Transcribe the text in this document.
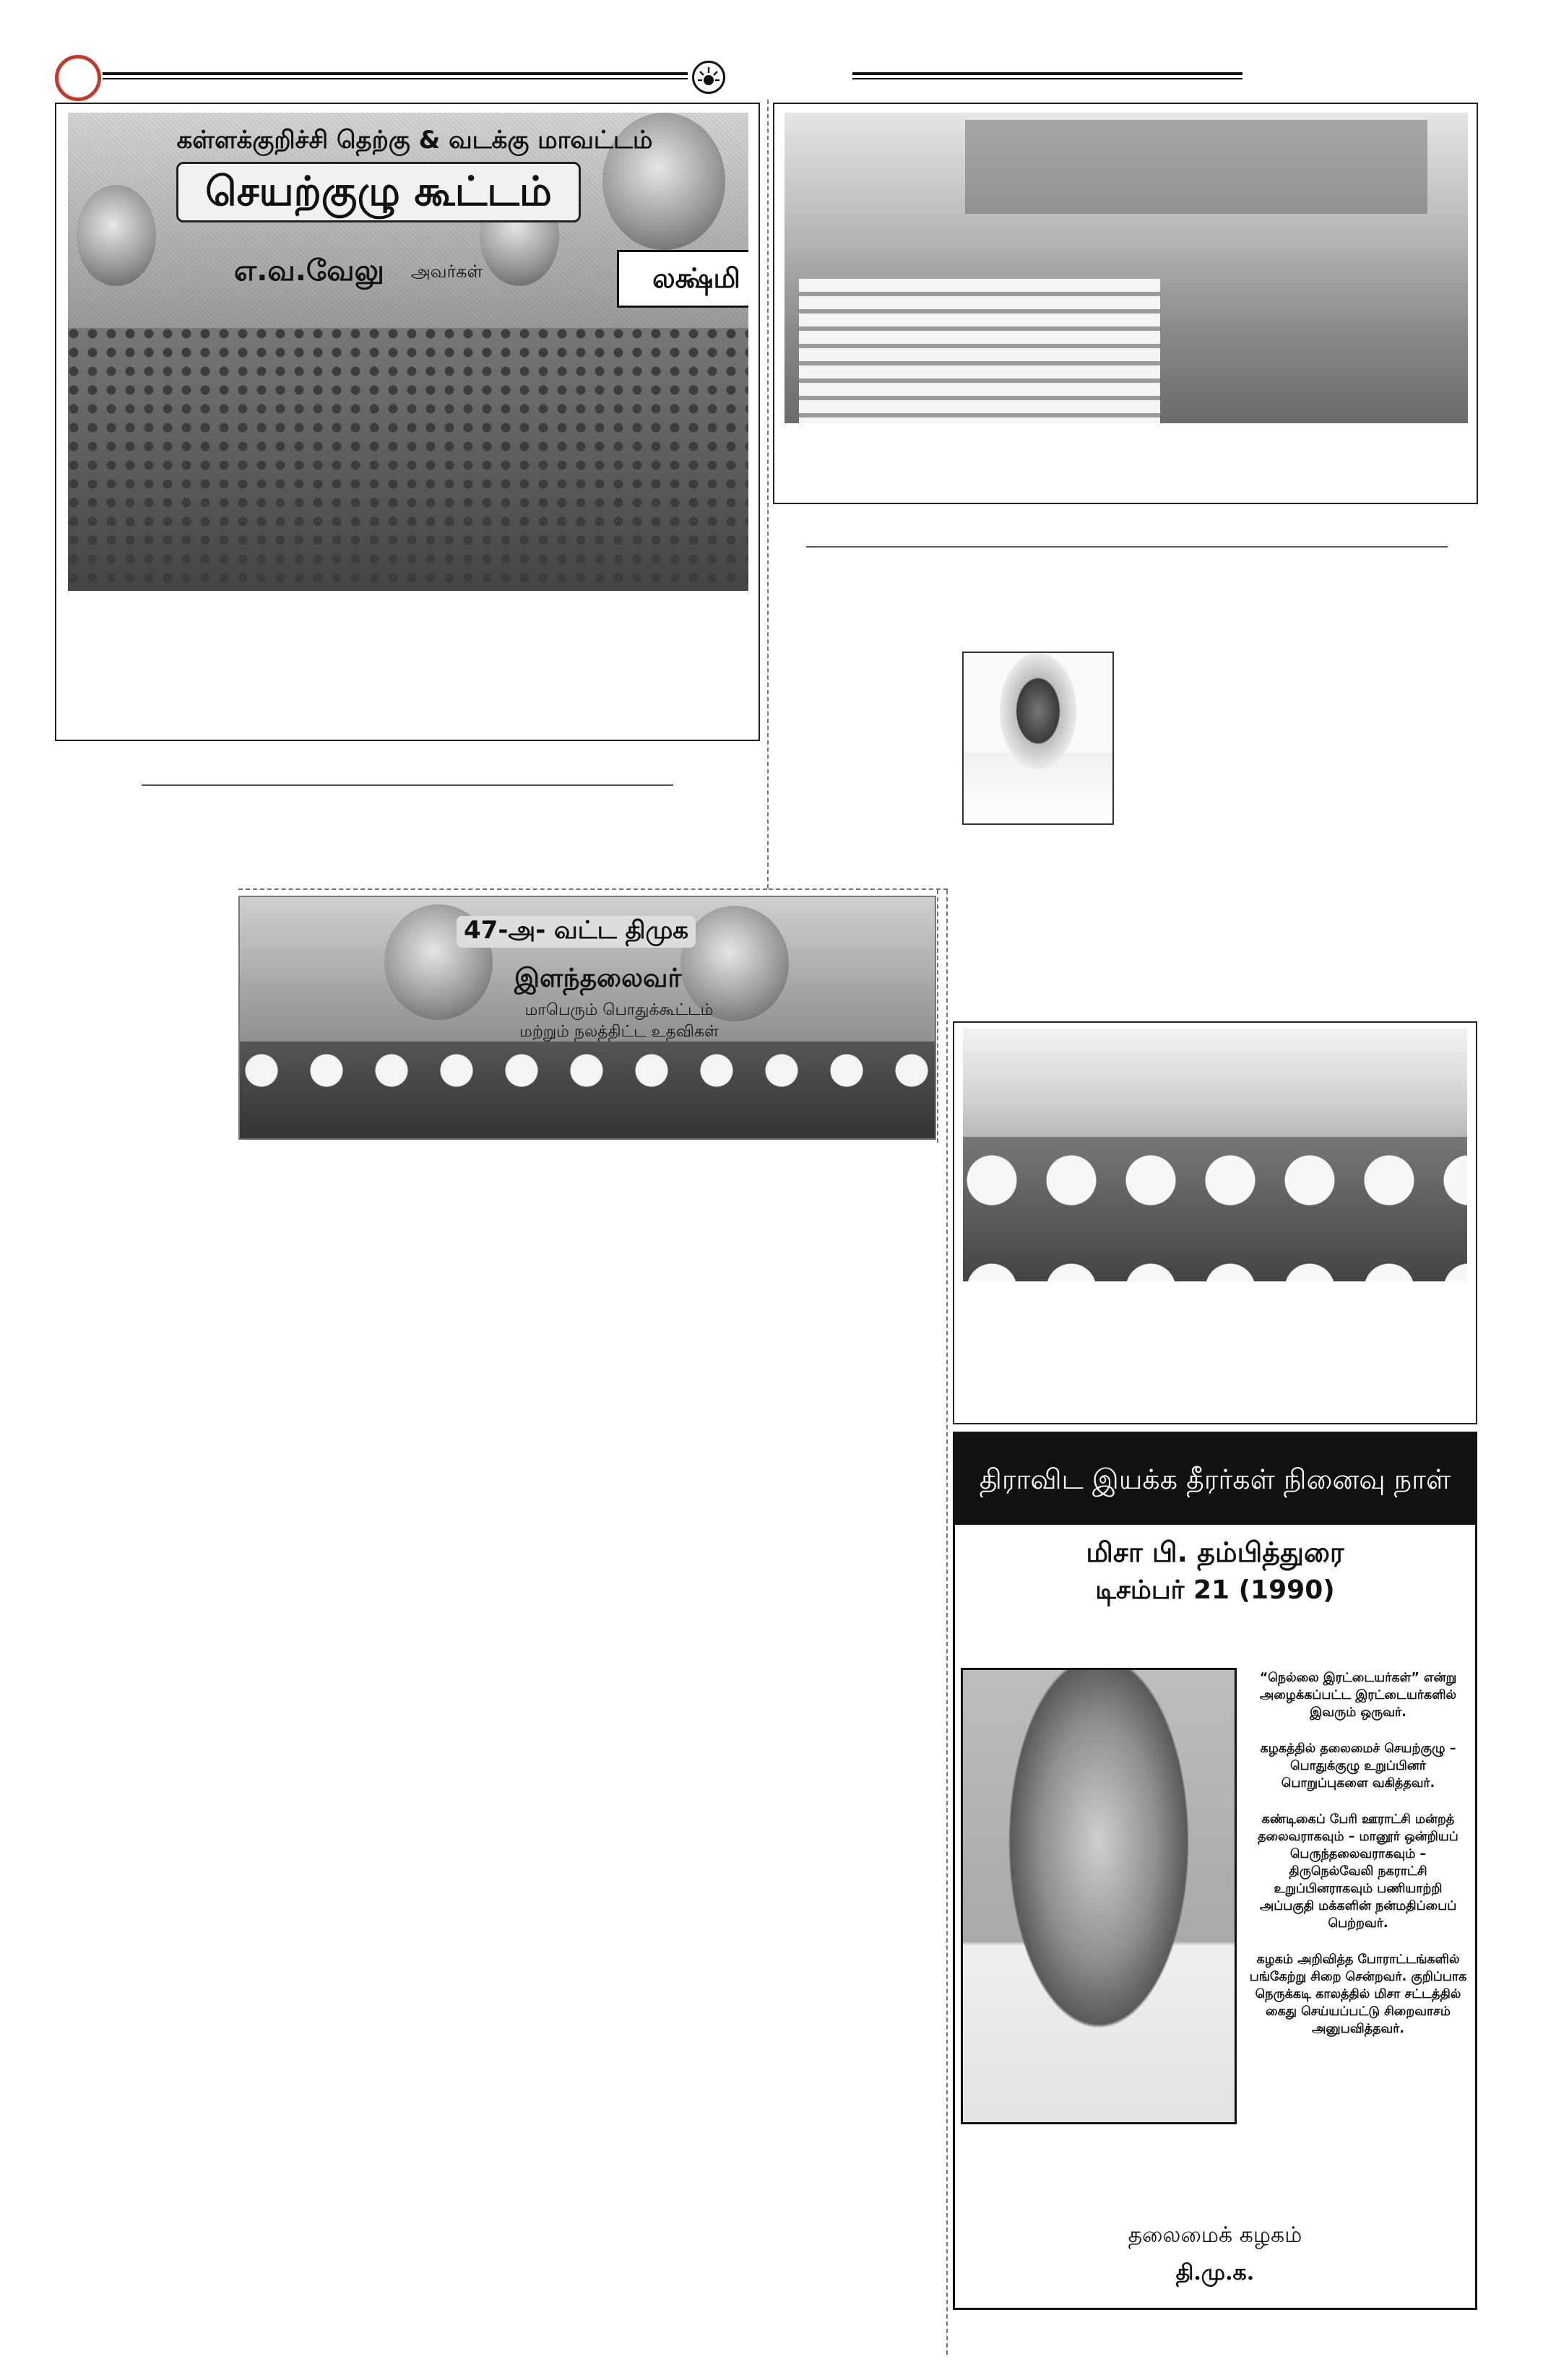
கள்ளக்குறிச்சி தெற்கு & வடக்கு மாவட்டம்
செயற்குழு கூட்டம்
எ.வ.வேலு அவர்கள்	லக்ஷ்மி
47-அ- வட்ட திமுக
இளந்தலைவர்
மாபெரும் பொதுக்கூட்டம் மற்றும் நலத்திட்ட உதவிகள்
திராவிட இயக்க தீரர்கள் நினைவு நாள்
மிசா பி. தம்பித்துரை
டிசம்பர் 21 (1990)

“நெல்லை இரட்டையர்கள்” என்று அழைக்கப்பட்ட இரட்டையர்களில் இவரும் ஒருவர்.

கழகத்தில் தலைமைச் செயற்குழு – பொதுக்குழு உறுப்பினர் பொறுப்புகளை வகித்தவர்.

கண்டிகைப் பேரி ஊராட்சி மன்றத் தலைவராகவும் – மானூர் ஒன்றியப் பெருந்தலைவராகவும் – திருநெல்வேலி நகராட்சி உறுப்பினராகவும் பணியாற்றி அப்பகுதி மக்களின் நன்மதிப்பைப் பெற்றவர்.

கழகம் அறிவித்த போராட்டங்களில் பங்கேற்று சிறை சென்றவர். குறிப்பாக நெருக்கடி காலத்தில் மிசா சட்டத்தில் கைது செய்யப்பட்டு சிறைவாசம் அனுபவித்தவர்.

தலைமைக் கழகம்
தி.மு.க.
